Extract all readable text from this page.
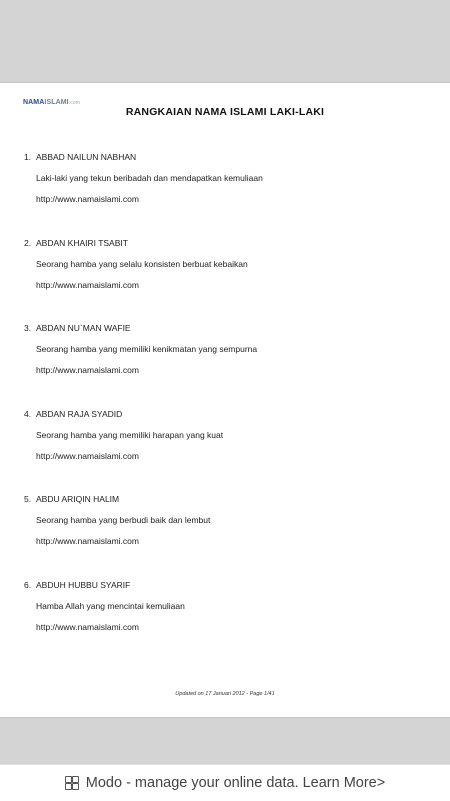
NAMAISLAMI.com
RANGKAIAN NAMA ISLAMI LAKI-LAKI
1. ABBAD NAILUN NABHAN
Laki-laki yang tekun beribadah dan mendapatkan kemuliaan
http://www.namaislami.com
2. ABDAN KHAIRI TSABIT
Seorang hamba yang selalu konsisten berbuat kebaikan
http://www.namaislami.com
3. ABDAN NU`MAN WAFIE
Seorang hamba yang memiliki kenikmatan yang sempurna
http://www.namaislami.com
4. ABDAN RAJA SYADID
Seorang hamba yang memiliki harapan yang kuat
http://www.namaislami.com
5. ABDU ARIQIN HALIM
Seorang hamba yang berbudi baik dan lembut
http://www.namaislami.com
6. ABDUH HUBBU SYARIF
Hamba Allah yang mencintai kemuliaan
http://www.namaislami.com
Updated on 17 Januari 2012 - Page 1/41
Modo - manage your online data. Learn More>
